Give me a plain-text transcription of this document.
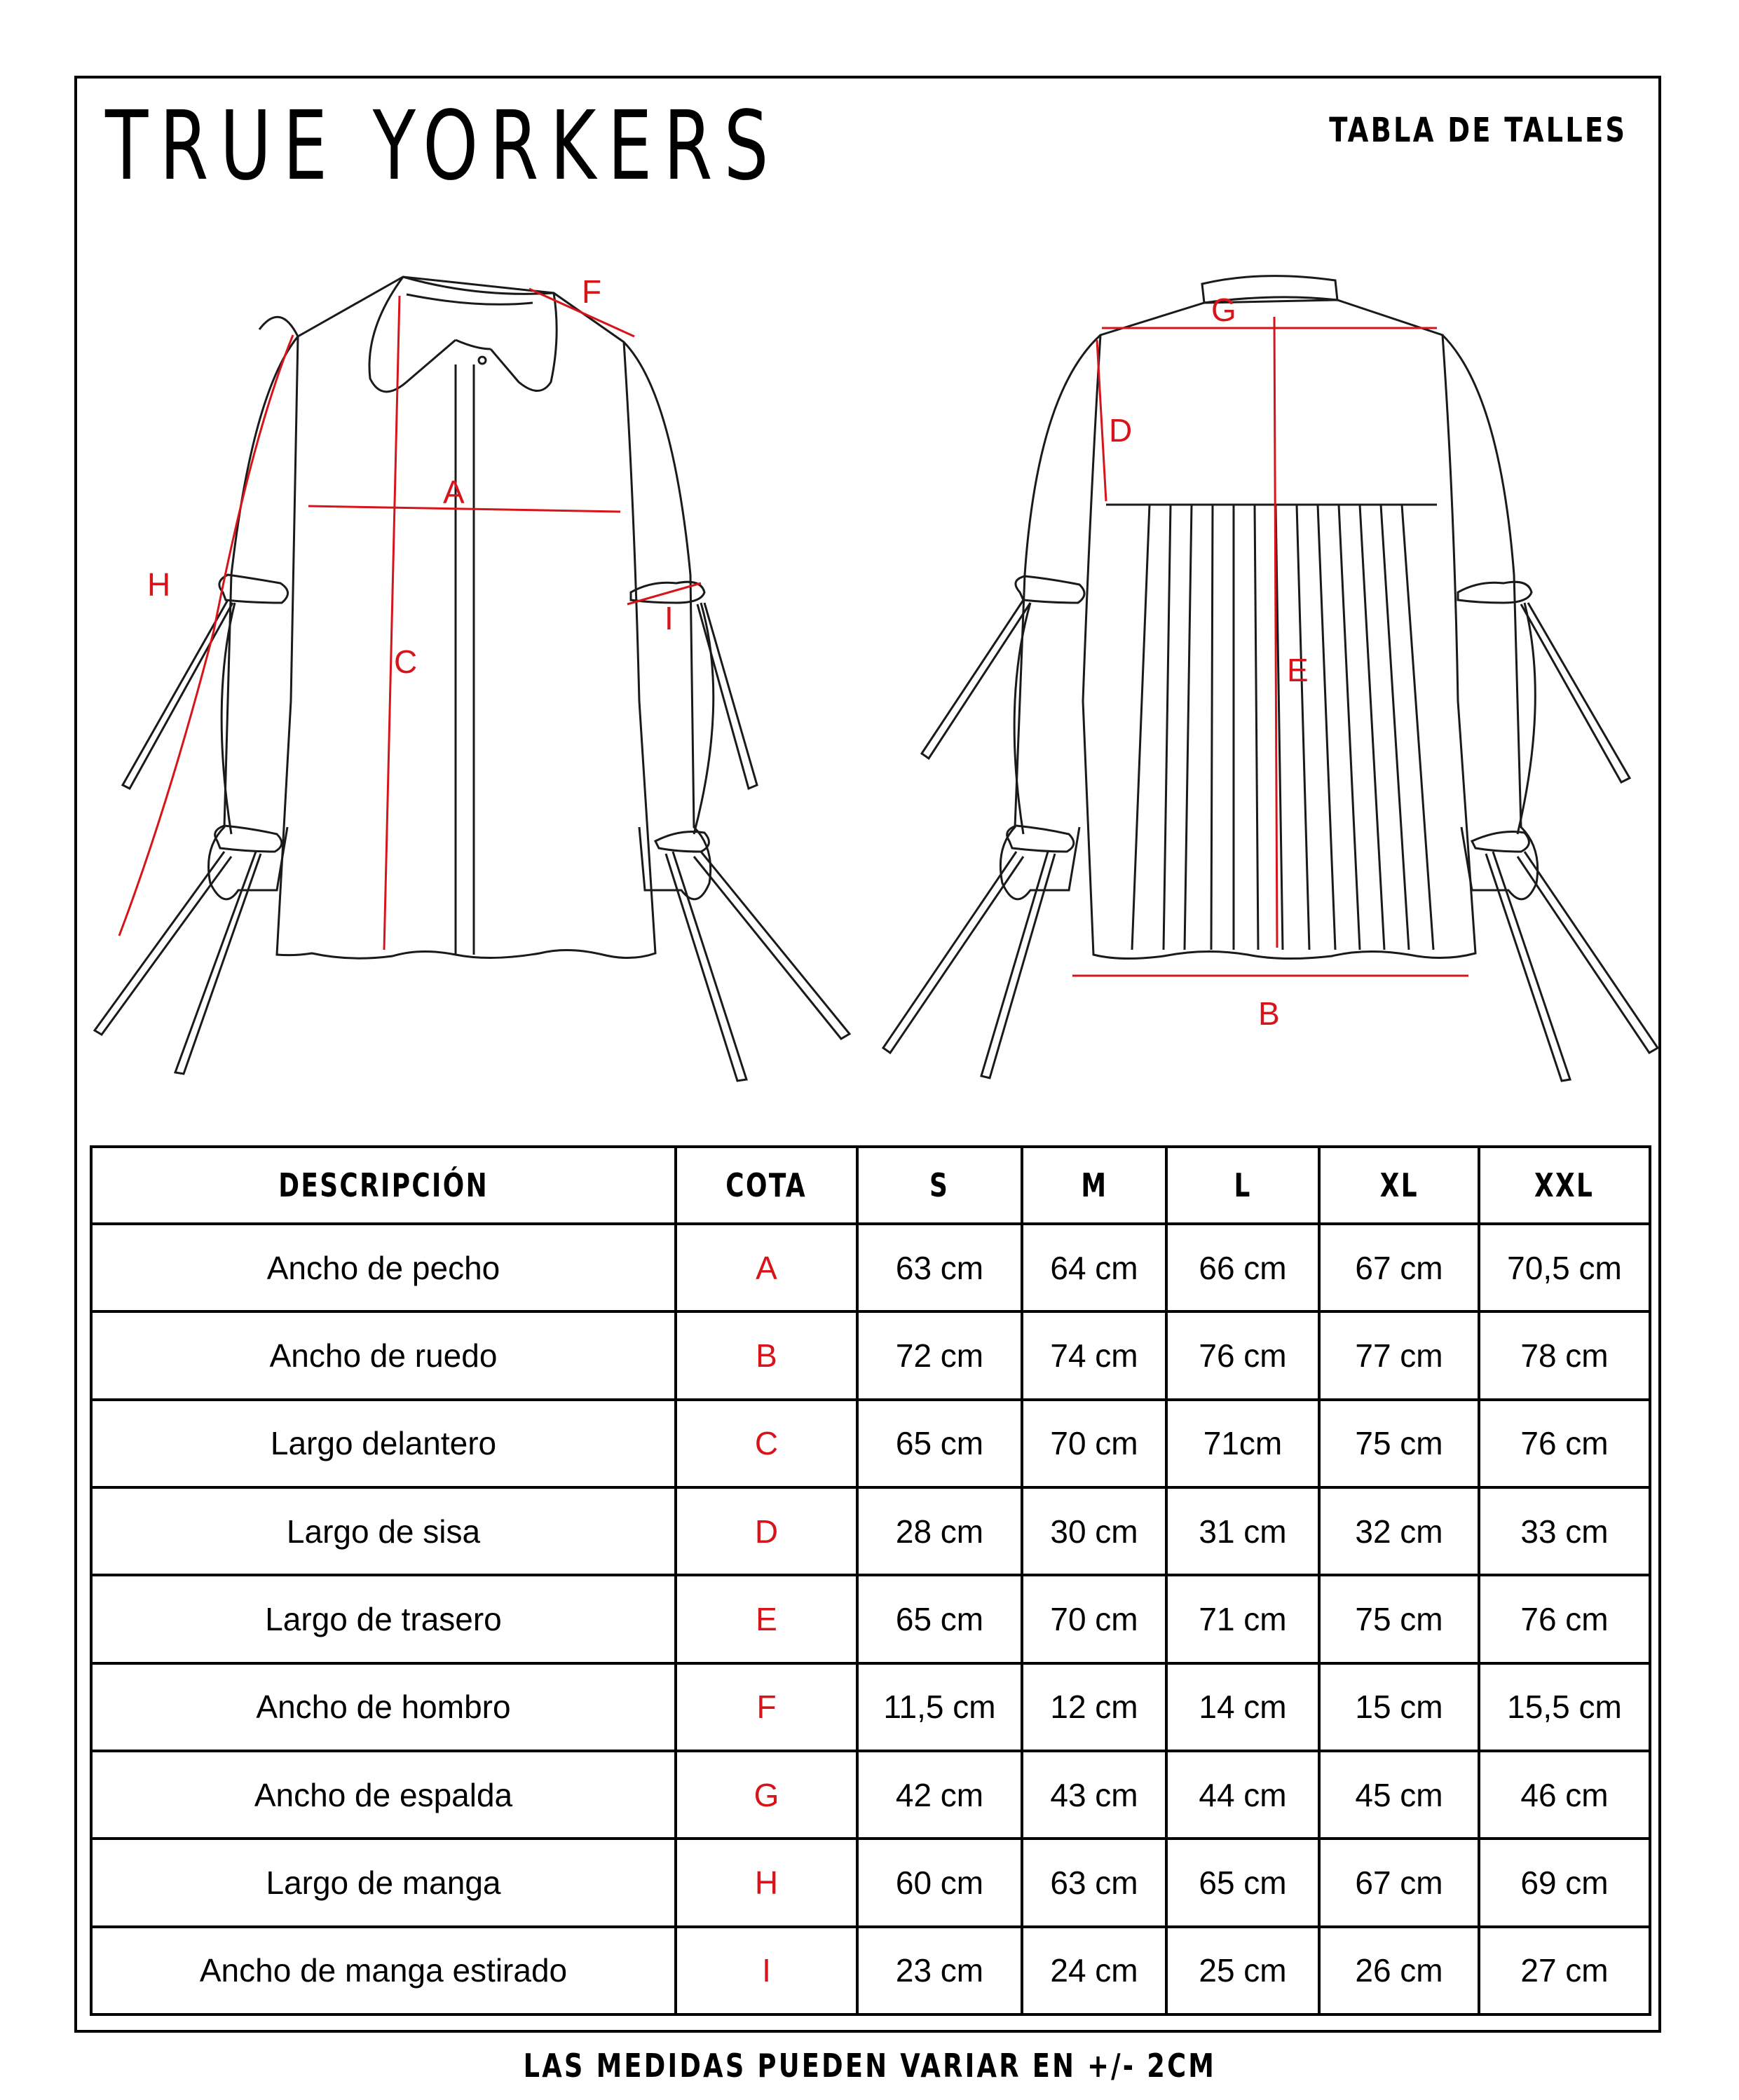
TRUE YORKERS	TABLA DE TALLES
A
B
C
D
E
F	G
H
I
DESCRIPCIÓN	COTA	S	M	L	XL	XXL
Ancho de pecho	A	63 cm	64 cm	66 cm	67 cm	70,5 cm
Ancho de ruedo	B	72 cm	74 cm	76 cm	77 cm	78 cm
Largo delantero	C	65 cm	70 cm	71cm	75 cm	76 cm
Largo de sisa	D	28 cm	30 cm	31 cm	32 cm	33 cm
Largo de trasero	E	65 cm	70 cm	71 cm	75 cm	76 cm
Ancho de hombro	F	11,5 cm	12 cm	14 cm	15 cm	15,5 cm
Ancho de espalda	G	42 cm	43 cm	44 cm	45 cm	46 cm
Largo de manga	H	60 cm	63 cm	65 cm	67 cm	69 cm
Ancho de manga estirado	I	23 cm	24 cm	25 cm	26 cm	27 cm
LAS MEDIDAS PUEDEN VARIAR EN +/- 2CM
